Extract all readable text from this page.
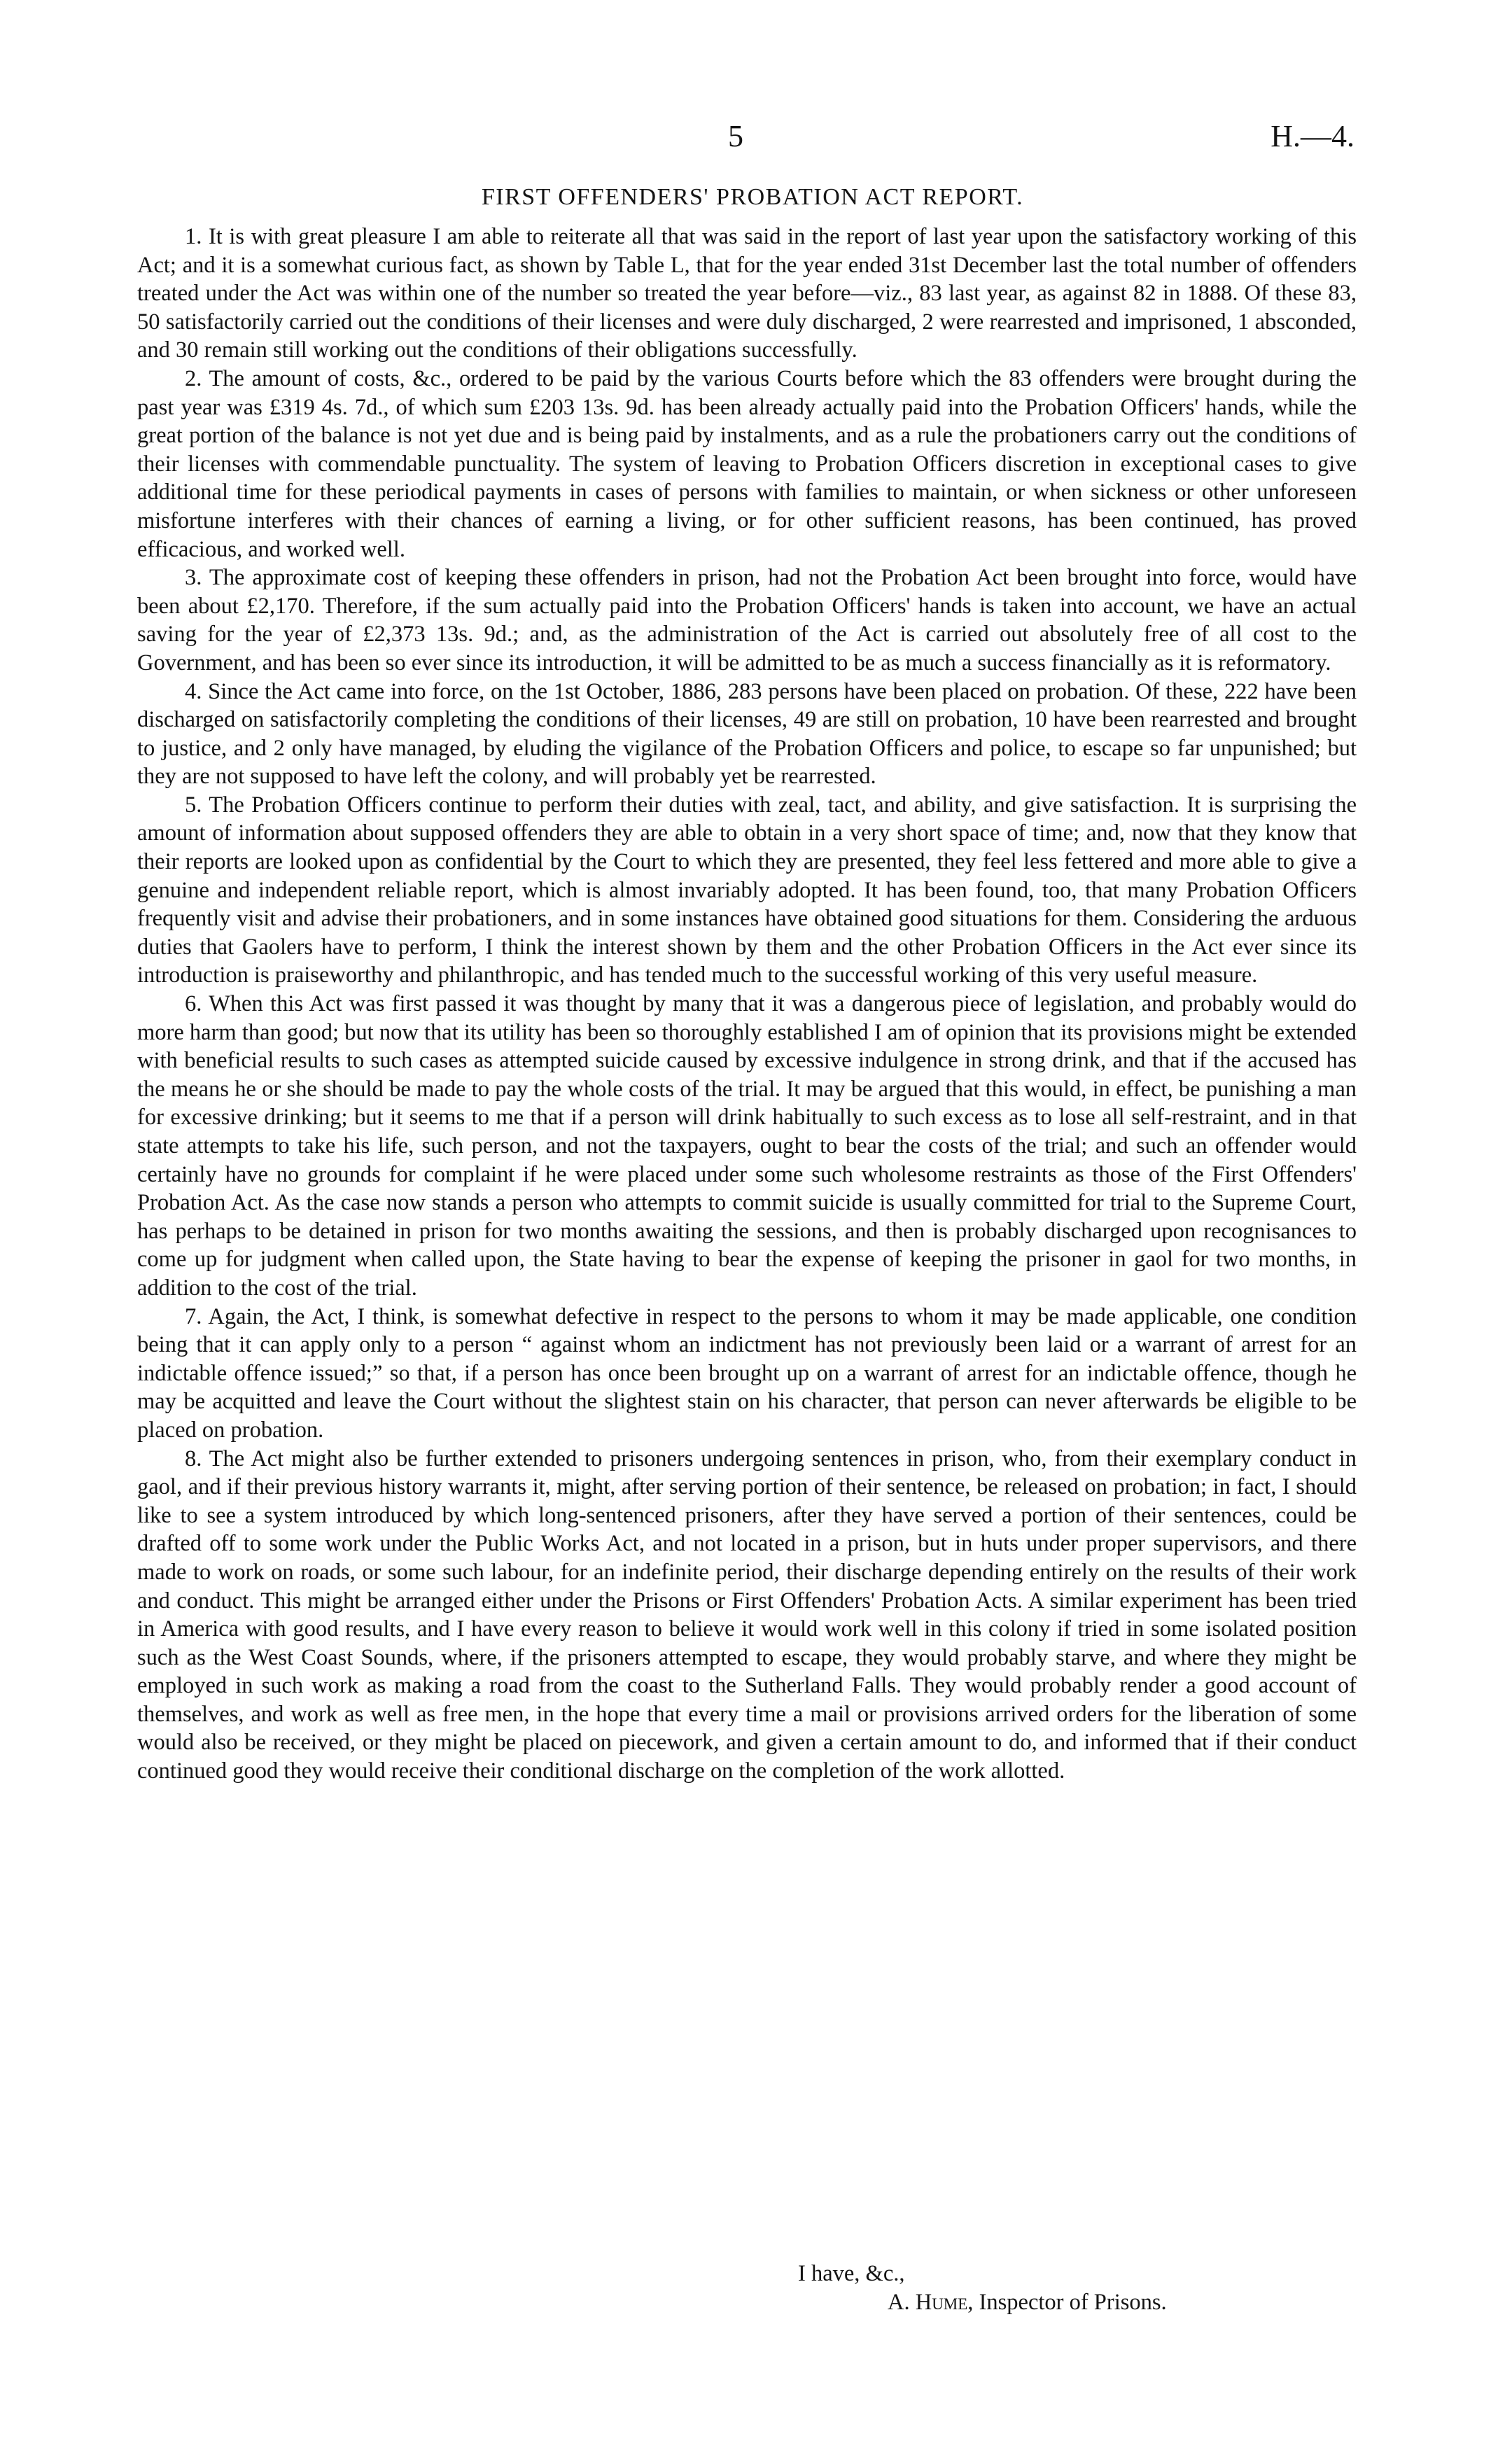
5	H.—4.
FIRST OFFENDERS' PROBATION ACT REPORT.

1. It is with great pleasure I am able to reiterate all that was said in the report of last year upon the satisfactory working of this Act; and it is a somewhat curious fact, as shown by Table L, that for the year ended 31st December last the total number of offenders treated under the Act was within one of the number so treated the year before—viz., 83 last year, as against 82 in 1888. Of these 83, 50 satisfactorily carried out the conditions of their licenses and were duly discharged, 2 were rearrested and imprisoned, 1 absconded, and 30 remain still working out the conditions of their obligations successfully.

2. The amount of costs, &c., ordered to be paid by the various Courts before which the 83 offenders were brought during the past year was £319 4s. 7d., of which sum £203 13s. 9d. has been already actually paid into the Probation Officers' hands, while the great portion of the balance is not yet due and is being paid by instalments, and as a rule the probationers carry out the conditions of their licenses with commendable punctuality. The system of leaving to Probation Officers discretion in exceptional cases to give additional time for these periodical payments in cases of persons with families to maintain, or when sickness or other unforeseen misfortune interferes with their chances of earning a living, or for other sufficient reasons, has been continued, has proved efficacious, and worked well.

3. The approximate cost of keeping these offenders in prison, had not the Probation Act been brought into force, would have been about £2,170. Therefore, if the sum actually paid into the Probation Officers' hands is taken into account, we have an actual saving for the year of £2,373 13s. 9d.; and, as the administration of the Act is carried out absolutely free of all cost to the Government, and has been so ever since its introduction, it will be admitted to be as much a success financially as it is reformatory.

4. Since the Act came into force, on the 1st October, 1886, 283 persons have been placed on probation. Of these, 222 have been discharged on satisfactorily completing the conditions of their licenses, 49 are still on probation, 10 have been rearrested and brought to justice, and 2 only have managed, by eluding the vigilance of the Probation Officers and police, to escape so far unpunished; but they are not supposed to have left the colony, and will probably yet be rearrested.

5. The Probation Officers continue to perform their duties with zeal, tact, and ability, and give satisfaction. It is surprising the amount of information about supposed offenders they are able to obtain in a very short space of time; and, now that they know that their reports are looked upon as confidential by the Court to which they are presented, they feel less fettered and more able to give a genuine and independent reliable report, which is almost invariably adopted. It has been found, too, that many Probation Officers frequently visit and advise their probationers, and in some instances have obtained good situations for them. Considering the arduous duties that Gaolers have to perform, I think the interest shown by them and the other Probation Officers in the Act ever since its introduction is praiseworthy and philanthropic, and has tended much to the successful working of this very useful measure.

6. When this Act was first passed it was thought by many that it was a dangerous piece of legislation, and probably would do more harm than good; but now that its utility has been so thoroughly established I am of opinion that its provisions might be extended with beneficial results to such cases as attempted suicide caused by excessive indulgence in strong drink, and that if the accused has the means he or she should be made to pay the whole costs of the trial. It may be argued that this would, in effect, be punishing a man for excessive drinking; but it seems to me that if a person will drink habitually to such excess as to lose all self-restraint, and in that state attempts to take his life, such person, and not the taxpayers, ought to bear the costs of the trial; and such an offender would certainly have no grounds for complaint if he were placed under some such wholesome restraints as those of the First Offenders' Probation Act. As the case now stands a person who attempts to commit suicide is usually committed for trial to the Supreme Court, has perhaps to be detained in prison for two months awaiting the sessions, and then is probably discharged upon recognisances to come up for judgment when called upon, the State having to bear the expense of keeping the prisoner in gaol for two months, in addition to the cost of the trial.

7. Again, the Act, I think, is somewhat defective in respect to the persons to whom it may be made applicable, one condition being that it can apply only to a person “ against whom an indictment has not previously been laid or a warrant of arrest for an indictable offence issued;” so that, if a person has once been brought up on a warrant of arrest for an indictable offence, though he may be acquitted and leave the Court without the slightest stain on his character, that person can never afterwards be eligible to be placed on probation.

8. The Act might also be further extended to prisoners undergoing sentences in prison, who, from their exemplary conduct in gaol, and if their previous history warrants it, might, after serving portion of their sentence, be released on probation; in fact, I should like to see a system introduced by which long-sentenced prisoners, after they have served a portion of their sentences, could be drafted off to some work under the Public Works Act, and not located in a prison, but in huts under proper supervisors, and there made to work on roads, or some such labour, for an indefinite period, their discharge depending entirely on the results of their work and conduct. This might be arranged either under the Prisons or First Offenders' Probation Acts. A similar experiment has been tried in America with good results, and I have every reason to believe it would work well in this colony if tried in some isolated position such as the West Coast Sounds, where, if the prisoners attempted to escape, they would probably starve, and where they might be employed in such work as making a road from the coast to the Sutherland Falls. They would probably render a good account of themselves, and work as well as free men, in the hope that every time a mail or provisions arrived orders for the liberation of some would also be received, or they might be placed on piecework, and given a certain amount to do, and informed that if their conduct continued good they would receive their conditional discharge on the completion of the work allotted.

I have, &c.,
A. Hume, Inspector of Prisons.
